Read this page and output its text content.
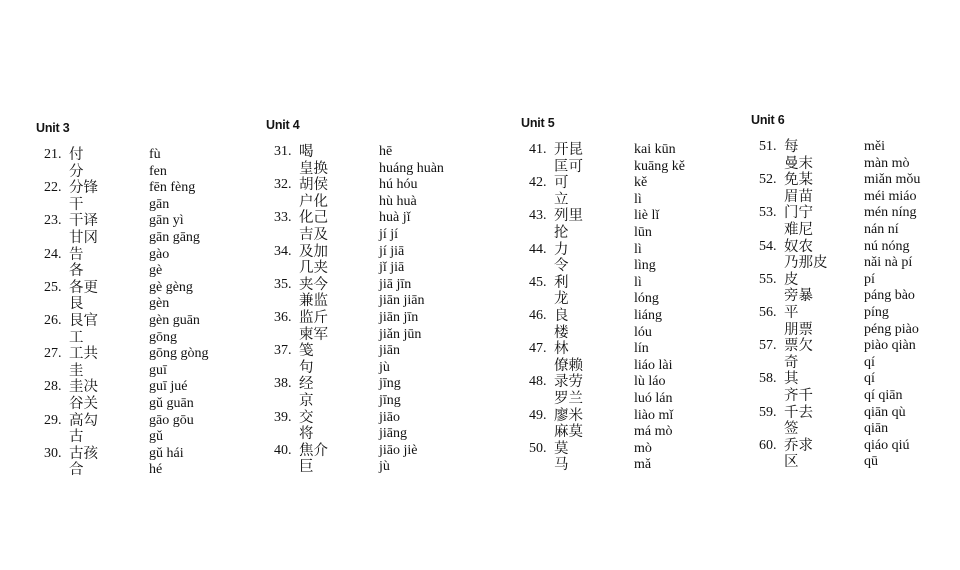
Unit 3
21. 付	fù
分	fen
22. 分锋	fēn fèng
干	gān
23. 干译	gān yì
甘冈	gān gāng
24. 告	gào
各	gè
25. 各更	gè gèng
艮	gèn
26. 艮官	gèn guān
工	gōng
27. 工共	gōng gòng
圭	guī
28. 圭决	guī jué
谷关	gǔ guān
29. 高勾	gāo gōu
古	gǔ
30. 古孩	gǔ hái
合	hé
Unit 4
31. 喝	hē
皇换	huáng huàn
32. 胡侯	hú hóu
户化	hù huà
33. 化己	huà jǐ
吉及	jí jí
34. 及加	jí jiā
几夹	jǐ jiā
35. 夹今	jiā jīn
兼监	jiān jiān
36. 监斤	jiān jīn
柬军	jiǎn jūn
37. 笺	jiān
句	jù
38. 经	jīng
京	jīng
39. 交	jiāo
将	jiāng
40. 焦介	jiāo jiè
巨	jù
Unit 5
41. 开昆	kai kūn
匡可	kuāng kě
42. 可	kě
立	lì
43. 列里	liè lǐ
抡	lūn
44. 力	lì
令	lìng
45. 利	lì
龙	lóng
46. 良	liáng
楼	lóu
47. 林	lín
僚赖	liáo lài
48. 录劳	lù láo
罗兰	luó lán
49. 廖米	liào mǐ
麻莫	má mò
50. 莫	mò
马	mǎ
Unit 6
51. 每	měi
曼末	màn mò
52. 免某	miǎn mǒu
眉苗	méi miáo
53. 门宁	mén níng
难尼	nán ní
54. 奴农	nú nóng
乃那皮	nǎi nà pí
55. 皮	pí
旁暴	páng bào
56. 平	píng
朋票	péng piào
57. 票欠	piào qiàn
奇	qí
58. 其	qí
齐千	qí qiān
59. 千去	qiān qù
签	qiān
60. 乔求	qiáo qiú
区	qū
